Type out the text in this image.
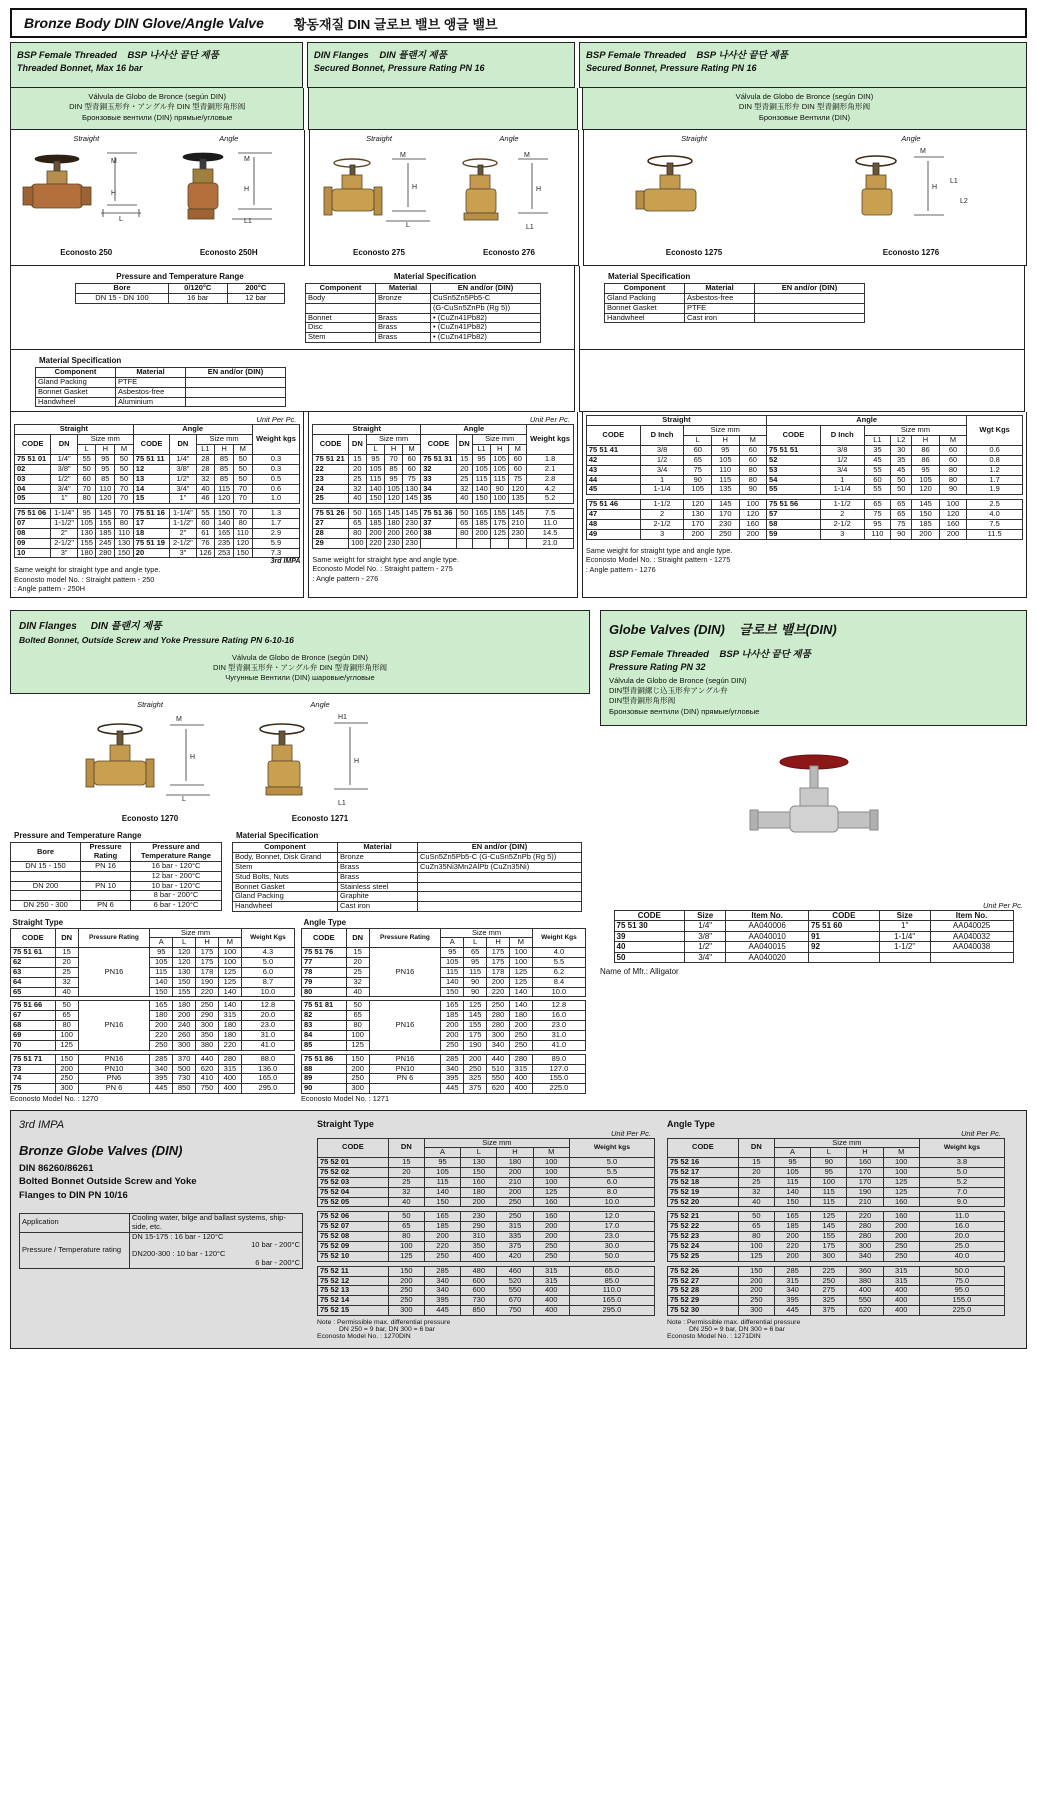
Bronze Body DIN Glove/Angle Valve 황동재질 DIN 글로브 밸브 앵글 밸브
BSP Female Threaded BSP 나사산 끝단 제품
Threaded Bonnet, Max 16 bar
DIN Flanges DIN 플랜지 제품
Secured Bonnet, Pressure Rating PN 16
BSP Female Threaded BSP 나사산 끝단 제품
Secured Bonnet, Pressure Rating PN 16
Válvula de Globo de Bronce (según DIN)
DIN 型青銅玉形弁・アングル弁 DIN 型青銅形角形阀
Бронзовые вентили (DIN) прямые/угловые
Válvula de Globo de Bronce (según DIN)
DIN 型青銅玉形弁 DIN 型青銅形角形阀
Бронзовые Вентили (DIN)
Straight
M
H
L
Econosto 250
Angle
M
H
L1
Econosto 250H
Straight
M
H
L
Econosto 275
Angle
M
H
L1
Econosto 276
Straight
Econosto 1275
Angle
M
H
L1
L2
Econosto 1276
Pressure and Temperature Range
Bore	0/120°C	200°C
DN 15 - DN 100	16 bar	12 bar
Material Specification
Component	Material	EN and/or (DIN)
Body	Bronze	CuSn5Zn5Pb5-C
		(G-CuSn5ZnPb (Rg 5))
Bonnet	Brass	• (CuZn41Pb82)
Disc	Brass	• (CuZn41Pb82)
Stem	Brass	• (CuZn41Pb82)
Material Specification
Component	Material	EN and/or (DIN)
Gland Packing	Asbestos-free	
Bonnet Gasket	PTFE	
Handwheel	Cast iron	
Material Specification
Component	Material	EN and/or (DIN)
Gland Packing	PTFE	
Bonnet Gasket	Asbestos-free	
Handwheel	Aluminium	
Unit Per Pc.
Straight					Angle					Weight kgs
CODE	DN	Size mm			CODE	DN	Size mm			
		L	H	M			L1	H	M	
75 51 01	1/4"	55	95	50	75 51 11	1/4"	28	85	50	0.3
02	3/8"	50	95	50	12	3/8"	28	85	50	0.3
03	1/2"	60	85	50	13	1/2"	32	85	50	0.5
04	3/4"	70	110	70	14	3/4"	40	115	70	0.6
05	1"	80	120	70	15	1"	46	120	70	1.0

75 51 06	1-1/4"	95	145	70	75 51 16	1-1/4"	55	150	70	1.3
07	1-1/2"	105	155	80	17	1-1/2"	60	140	80	1.7
08	2"	130	185	110	18	2"	61	165	110	2.9
09	2-1/2"	155	245	130	75 51 19	2-1/2"	76	235	120	5.9
10	3"	180	280	150	20	3"	126	253	150	7.3
3rd IMPA
Same weight for straight type and angle type.
Econosto model No. : Straight pattern - 250
: Angle pattern - 250H
Unit Per Pc.
Straight					Angle					Weight kgs
CODE	DN	Size mm			CODE	DN	Size mm			
		L	H	M			L1	H	M	
75 51 21	15	95	70	60	75 51 31	15	95	105	60	1.8
22	20	105	85	60	32	20	105	105	60	2.1
23	25	115	95	75	33	25	115	115	75	2.8
24	32	140	105	130	34	32	140	90	120	4.2
25	40	150	120	145	35	40	150	100	135	5.2

75 51 26	50	165	145	145	75 51 36	50	165	155	145	7.5
27	65	185	180	230	37	65	185	175	210	11.0
28	80	200	200	260	38	80	200	125	230	14.5
29	100	220	230	230						21.0
Same weight for straight type and angle type.
Econosto Model No. : Straight pattern - 275
: Angle pattern - 276
Straight					Angle						Wgt Kgs
CODE	D Inch	Size mm			CODE	D Inch	Size mm				
		L	H	M			L1	L2	H	M	
75 51 41	3/8	60	95	60	75 51 51	3/8	35	30	86	60	0.6
42	1/2	65	105	60	52	1/2	45	35	86	60	0.8
43	3/4	75	110	80	53	3/4	55	45	95	80	1.2
44	1	90	115	80	54	1	60	50	105	80	1.7
45	1-1/4	105	135	90	55	1-1/4	55	50	120	90	1.9

75 51 46	1-1/2	120	145	100	75 51 56	1-1/2	65	65	145	100	2.5
47	2	130	170	120	57	2	75	65	150	120	4.0
48	2-1/2	170	230	160	58	2-1/2	95	75	185	160	7.5
49	3	200	250	200	59	3	110	90	200	200	11.5
Same weight for straight type and angle type.
Econosto Model No. : Straight pattern - 1275
: Angle pattern - 1276
DIN Flanges DIN 플랜지 제품
Bolted Bonnet, Outside Screw and Yoke Pressure Rating PN 6-10-16
Válvula de Globo de Bronce (según DIN)
DIN 型青銅玉形弁・アングル弁 DIN 型青銅形角形阀
Чугунные Вентили (DIN) шаровые/угловые
Straight
M
H
L
Econosto 1270
Angle
H1
H
L1
Econosto 1271
Pressure and Temperature Range
Bore	Pressure Rating	Pressure and Temperature Range
DN 15 - 150	PN 16	16 bar - 120°C
		12 bar - 200°C
DN 200	PN 10	10 bar - 120°C
		8 bar - 200°C
DN 250 - 300	PN 6	6 bar - 120°C
Material Specification
Component	Material	EN and/or (DIN)
Body, Bonnet, Disk Grand	Bronze	CuSn5Zn5Pb5-C (G-CuSn5ZnPb (Rg 5))
Stem	Brass	CuZn35Ni3Mn2AlPb (CuZn35Ni)
Stud Bolts, Nuts	Brass	
Bonnet Gasket	Stainless steel	
Gland Packing	Graphite	
Handwheel	Cast iron	
Straight Type							
CODE	DN	Pressure Rating	Size mm				Weight Kgs
			A	L	H	M	
75 51 61	15	PN16	95	120	175	100	4.3
62	20		105	120	175	100	5.0
63	25		115	130	178	125	6.0
64	32		140	150	190	125	8.7
65	40		150	155	220	140	10.0

75 51 66	50	PN16	165	180	250	140	12.8
67	65		180	200	290	315	20.0
68	80		200	240	300	180	23.0
69	100		220	260	350	180	31.0
70	125		250	300	380	220	41.0

75 51 71	150	PN16	285	370	440	280	88.0
73	200	PN10	340	500	620	315	136.0
74	250	PN6	395	730	410	400	165.0
75	300	PN 6	445	850	750	400	295.0
Econosto Model No. : 1270
Angle Type							
CODE	DN	Pressure Rating	Size mm				Weight Kgs
			A	L	H	M	
75 51 76	15	PN16	95	65	175	100	4.0
77	20		105	95	175	100	5.5
78	25		115	115	178	125	6.2
79	32		140	90	200	125	8.4
80	40		150	90	220	140	10.0

75 51 81	50	PN16	165	125	250	140	12.8
82	65		185	145	280	180	16.0
83	80		200	155	280	200	23.0
84	100		200	175	300	250	31.0
85	125		250	190	340	250	41.0

75 51 86	150	PN16	285	200	440	280	89.0
88	200	PN10	340	250	510	315	127.0
89	250	PN 6	395	325	550	400	155.0
90	300		445	375	620	400	225.0
Econosto Model No. : 1271
Globe Valves (DIN) 글로브 밸브(DIN)
BSP Female Threaded BSP 나사산 끝단 제품
Pressure Rating PN 32
Válvula de Globo de Bronce (según DIN)
DIN型青銅縲じ込玉形弁アングル弁
DIN型青銅形角形阀
Бронзовые вентили (DIN) прямые/угловые
Unit Per Pc.
CODE	Size	Item No.	CODE	Size	Item No.
75 51 30	1/4"	AA040006	75 51 60	1"	AA040025
39	3/8"	AA040010	91	1-1/4"	AA040032
40	1/2"	AA040015	92	1-1/2"	AA040038
50	3/4"	AA040020			
Name of Mfr.: Alligator
3rd IMPA
Bronze Globe Valves (DIN)
DIN 86260/86261
Bolted Bonnet Outside Screw and Yoke
Flanges to DIN PN 10/16
Application	Cooling water, bilge and ballast systems, ship-side, etc.
Pressure / Temperature rating	DN 15-175 : 16 bar - 120°C
10 bar - 200°C
DN200-300 : 10 bar - 120°C
6 bar - 200°C
Straight Type
Unit Per Pc.
CODE	DN	Size mm				Weight kgs
		A	L	H	M	
75 52 01	15	95	130	180	100	5.0
75 52 02	20	105	150	200	100	5.5
75 52 03	25	115	160	210	100	6.0
75 52 04	32	140	180	200	125	8.0
75 52 05	40	150	200	250	160	10.0

75 52 06	50	165	230	250	160	12.0
75 52 07	65	185	290	315	200	17.0
75 52 08	80	200	310	335	200	23.0
75 52 09	100	220	350	375	250	30.0
75 52 10	125	250	400	420	250	50.0

75 52 11	150	285	480	460	315	65.0
75 52 12	200	340	600	520	315	85.0
75 52 13	250	340	600	550	400	110.0
75 52 14	250	395	730	670	400	165.0
75 52 15	300	445	850	750	400	295.0
Note : Permissible max. differential pressure
DN 250 = 9 bar, DN 300 = 6 bar
Econosto Model No. : 1270DIN
Angle Type
Unit Per Pc.
CODE	DN	Size mm				Weight kgs
		A	L	H	M	
75 52 16	15	95	90	160	100	3.8
75 52 17	20	105	95	170	100	5.0
75 52 18	25	115	100	170	125	5.2
75 52 19	32	140	115	190	125	7.0
75 52 20	40	150	115	210	160	9.0

75 52 21	50	165	125	220	160	11.0
75 52 22	65	185	145	280	200	16.0
75 52 23	80	200	155	280	200	20.0
75 52 24	100	220	175	300	250	25.0
75 52 25	125	200	300	340	250	40.0

75 52 26	150	285	225	360	315	50.0
75 52 27	200	315	250	380	315	75.0
75 52 28	200	340	275	400	400	95.0
75 52 29	250	395	325	550	400	155.0
75 52 30	300	445	375	620	400	225.0
Note : Permissible max. differential pressure
DN 250 = 9 bar, DN 300 = 6 bar
Econosto Model No. : 1271DIN
